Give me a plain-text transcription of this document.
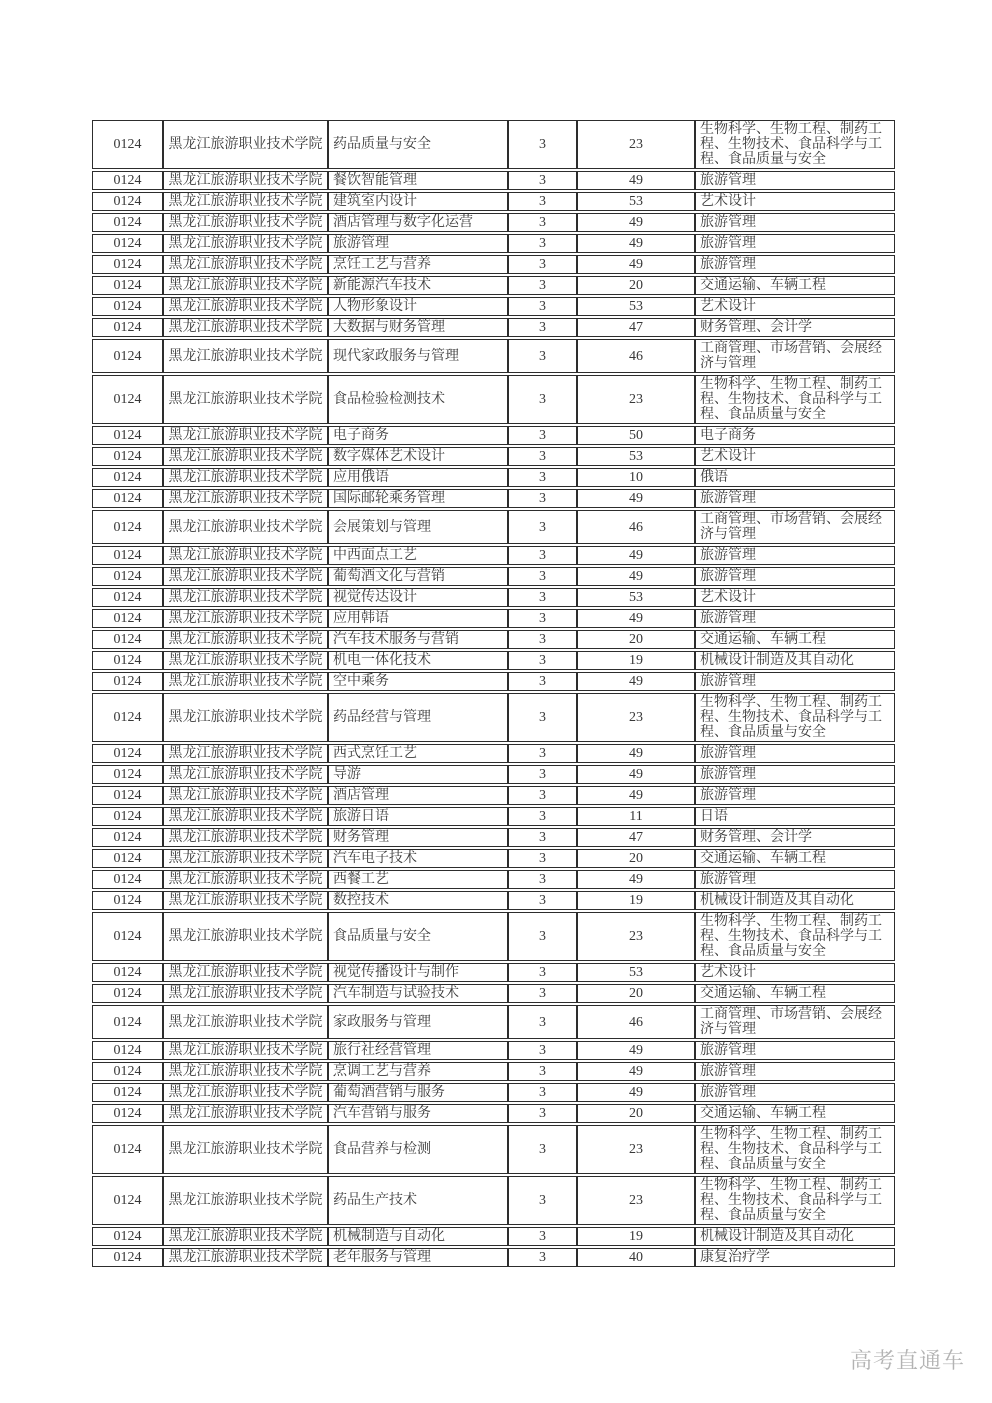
0124	黑龙江旅游职业技术学院	药品质量与安全	3	23	生物科学、生物工程、制药工程、生物技术、食品科学与工程、食品质量与安全
0124	黑龙江旅游职业技术学院	餐饮智能管理	3	49	旅游管理
0124	黑龙江旅游职业技术学院	建筑室内设计	3	53	艺术设计
0124	黑龙江旅游职业技术学院	酒店管理与数字化运营	3	49	旅游管理
0124	黑龙江旅游职业技术学院	旅游管理	3	49	旅游管理
0124	黑龙江旅游职业技术学院	烹饪工艺与营养	3	49	旅游管理
0124	黑龙江旅游职业技术学院	新能源汽车技术	3	20	交通运输、车辆工程
0124	黑龙江旅游职业技术学院	人物形象设计	3	53	艺术设计
0124	黑龙江旅游职业技术学院	大数据与财务管理	3	47	财务管理、会计学
0124	黑龙江旅游职业技术学院	现代家政服务与管理	3	46	工商管理、市场营销、会展经济与管理
0124	黑龙江旅游职业技术学院	食品检验检测技术	3	23	生物科学、生物工程、制药工程、生物技术、食品科学与工程、食品质量与安全
0124	黑龙江旅游职业技术学院	电子商务	3	50	电子商务
0124	黑龙江旅游职业技术学院	数字媒体艺术设计	3	53	艺术设计
0124	黑龙江旅游职业技术学院	应用俄语	3	10	俄语
0124	黑龙江旅游职业技术学院	国际邮轮乘务管理	3	49	旅游管理
0124	黑龙江旅游职业技术学院	会展策划与管理	3	46	工商管理、市场营销、会展经济与管理
0124	黑龙江旅游职业技术学院	中西面点工艺	3	49	旅游管理
0124	黑龙江旅游职业技术学院	葡萄酒文化与营销	3	49	旅游管理
0124	黑龙江旅游职业技术学院	视觉传达设计	3	53	艺术设计
0124	黑龙江旅游职业技术学院	应用韩语	3	49	旅游管理
0124	黑龙江旅游职业技术学院	汽车技术服务与营销	3	20	交通运输、车辆工程
0124	黑龙江旅游职业技术学院	机电一体化技术	3	19	机械设计制造及其自动化
0124	黑龙江旅游职业技术学院	空中乘务	3	49	旅游管理
0124	黑龙江旅游职业技术学院	药品经营与管理	3	23	生物科学、生物工程、制药工程、生物技术、食品科学与工程、食品质量与安全
0124	黑龙江旅游职业技术学院	西式烹饪工艺	3	49	旅游管理
0124	黑龙江旅游职业技术学院	导游	3	49	旅游管理
0124	黑龙江旅游职业技术学院	酒店管理	3	49	旅游管理
0124	黑龙江旅游职业技术学院	旅游日语	3	11	日语
0124	黑龙江旅游职业技术学院	财务管理	3	47	财务管理、会计学
0124	黑龙江旅游职业技术学院	汽车电子技术	3	20	交通运输、车辆工程
0124	黑龙江旅游职业技术学院	西餐工艺	3	49	旅游管理
0124	黑龙江旅游职业技术学院	数控技术	3	19	机械设计制造及其自动化
0124	黑龙江旅游职业技术学院	食品质量与安全	3	23	生物科学、生物工程、制药工程、生物技术、食品科学与工程、食品质量与安全
0124	黑龙江旅游职业技术学院	视觉传播设计与制作	3	53	艺术设计
0124	黑龙江旅游职业技术学院	汽车制造与试验技术	3	20	交通运输、车辆工程
0124	黑龙江旅游职业技术学院	家政服务与管理	3	46	工商管理、市场营销、会展经济与管理
0124	黑龙江旅游职业技术学院	旅行社经营管理	3	49	旅游管理
0124	黑龙江旅游职业技术学院	烹调工艺与营养	3	49	旅游管理
0124	黑龙江旅游职业技术学院	葡萄酒营销与服务	3	49	旅游管理
0124	黑龙江旅游职业技术学院	汽车营销与服务	3	20	交通运输、车辆工程
0124	黑龙江旅游职业技术学院	食品营养与检测	3	23	生物科学、生物工程、制药工程、生物技术、食品科学与工程、食品质量与安全
0124	黑龙江旅游职业技术学院	药品生产技术	3	23	生物科学、生物工程、制药工程、生物技术、食品科学与工程、食品质量与安全
0124	黑龙江旅游职业技术学院	机械制造与自动化	3	19	机械设计制造及其自动化
0124	黑龙江旅游职业技术学院	老年服务与管理	3	40	康复治疗学
高考直通车
